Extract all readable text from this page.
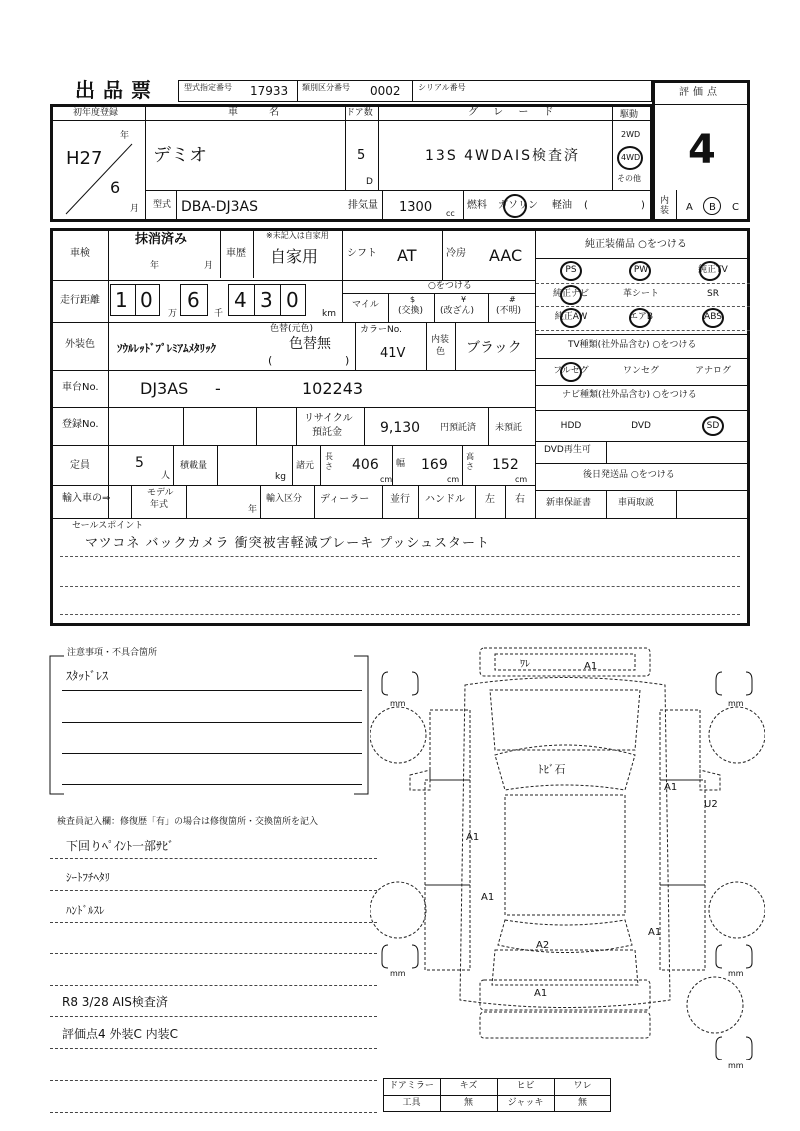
出品票	型式指定番号 17933 類別区分番号 0002 シリアル番号	評価点
4
初年度登録
H27
年
6
月
車 名
デミオ
ドア数
5
D
グ レ ー ド
13S 4WDAIS検査済
駆動
2WD
4WD
その他
型式 DBA-DJ3AS	排気量 1300 cc
燃料 ガソリン 軽油 (	) 内装 A B C
車検
抹消済み
年	月
車歴
※未記入は自家用
自家用	シフト AT	冷房 AAC
走行距離 1 0
万
6
千
4 3 0
km
○をつける
マイル
$
(交換)
¥
(改ざん)
#
(不明)
外装色 ｿｳﾙﾚｯﾄﾞﾌﾟﾚﾐｱﾑﾒﾀﾘｯｸ
色替(元色)
色替無
(	)
カラーNo.
41V
内装
色 ブラック
車台No.	DJ3AS -	102243
登録No.
リサイクル
預託金	9,130 円預託済 未預託
定員	5
人
積載量
kg
諸元
長さ 406
cm
幅 169
cm
高さ 152
cm
輸入車の⇒	モデル
年式	年
輸入区分 ディーラー 並行 ハンドル 左 右
純正装備品 ○をつける
PS	PW	純正TV
純正ナビ	革シート	SR
純正AW	エアB	ABS
TV種類(社外品含む) ○をつける
フルセグ	ワンセグ	アナログ
ナビ種類(社外品含む) ○をつける
HDD	DVD	SD
DVD再生可
後日発送品 ○をつける
新車保証書	車両取説
セールスポイント
マツコネ バックカメラ 衝突被害軽減ブレーキ プッシュスタート
注意事項・不具合箇所
ｽﾀｯﾄﾞﾚｽ
検査員記入欄：修復歴「有」の場合は修復箇所・交換箇所を記入
下回りﾍﾟｲﾝﾄ一部ｻﾋﾞ
ｼｰﾄﾌﾁﾍﾀﾘ
ﾊﾝﾄﾞﾙｽﾚ
R8 3/28 AIS検査済
評価点4 外装C 内装C
ﾜﾚ	A1
ﾄﾋﾞ石
A1
U2
A1
A1
A1
A2
A1
mm	mm
mm	mm
mm
ドアミラー	キズ	ヒビ	ワレ
工具	無	ジャッキ	無
